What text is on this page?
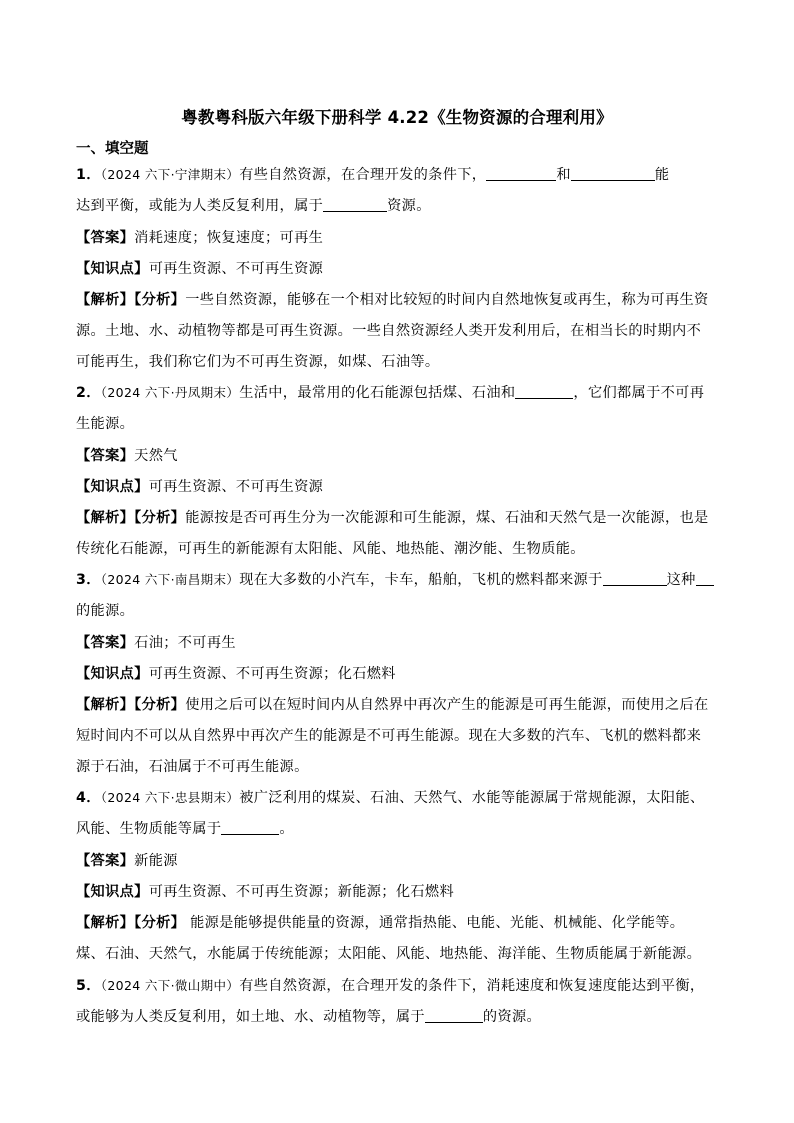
粤教粤科版六年级下册科学 4.22《生物资源的合理利用》
一、填空题
1．（2024 六下·宁津期末）有些自然资源，在合理开发的条件下，	和	能
达到平衡，或能为人类反复利用，属于	资源。
【答案】消耗速度；恢复速度；可再生
【知识点】可再生资源、不可再生资源
【解析】【分析】一些自然资源，能够在一个相对比较短的时间内自然地恢复或再生，称为可再生资
源。土地、水、动植物等都是可再生资源。一些自然资源经人类开发利用后，在相当长的时期内不
可能再生，我们称它们为不可再生资源，如煤、石油等。
2．（2024 六下·丹凤期末）生活中，最常用的化石能源包括煤、石油和	，它们都属于不可再
生能源。
【答案】天然气
【知识点】可再生资源、不可再生资源
【解析】【分析】能源按是否可再生分为一次能源和可生能源，煤、石油和天然气是一次能源，也是
传统化石能源，可再生的新能源有太阳能、风能、地热能、潮汐能、生物质能。
3．（2024 六下·南昌期末）现在大多数的小汽车，卡车，船舶，飞机的燃料都来源于	这种
的能源。
【答案】石油；不可再生
【知识点】可再生资源、不可再生资源；化石燃料
【解析】【分析】使用之后可以在短时间内从自然界中再次产生的能源是可再生能源，而使用之后在
短时间内不可以从自然界中再次产生的能源是不可再生能源。现在大多数的汽车、飞机的燃料都来
源于石油，石油属于不可再生能源。
4．（2024 六下·忠县期末）被广泛利用的煤炭、石油、天然气、水能等能源属于常规能源，太阳能、
风能、生物质能等属于	。
【答案】新能源
【知识点】可再生资源、不可再生资源；新能源；化石燃料
【解析】【分析】 能源是能够提供能量的资源，通常指热能、电能、光能、机械能、化学能等。
煤、石油、天然气，水能属于传统能源；太阳能、风能、地热能、海洋能、生物质能属于新能源。
5．（2024 六下·微山期中）有些自然资源，在合理开发的条件下，消耗速度和恢复速度能达到平衡，
或能够为人类反复利用，如土地、水、动植物等，属于	的资源。
